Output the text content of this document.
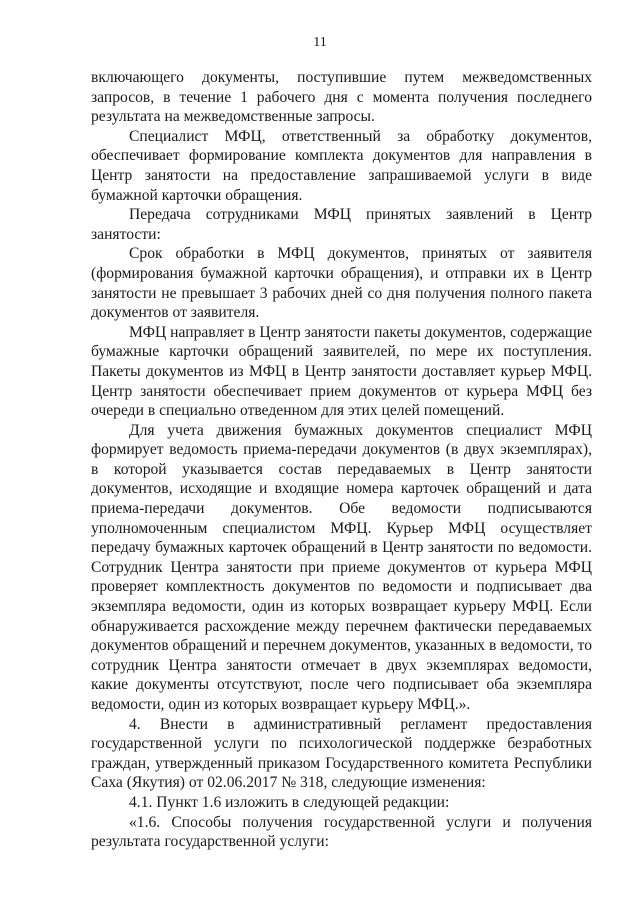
11

включающего документы, поступившие путем межведомственных запросов, в течение 1 рабочего дня с момента получения последнего результата на межведомственные запросы.

Специалист МФЦ, ответственный за обработку документов, обеспечивает формирование комплекта документов для направления в Центр занятости на предоставление запрашиваемой услуги в виде бумажной карточки обращения.

Передача сотрудниками МФЦ принятых заявлений в Центр занятости:

Срок обработки в МФЦ документов, принятых от заявителя (формирования бумажной карточки обращения), и отправки их в Центр занятости не превышает 3 рабочих дней со дня получения полного пакета документов от заявителя.

МФЦ направляет в Центр занятости пакеты документов, содержащие бумажные карточки обращений заявителей, по мере их поступления. Пакеты документов из МФЦ в Центр занятости доставляет курьер МФЦ. Центр занятости обеспечивает прием документов от курьера МФЦ без очереди в специально отведенном для этих целей помещений.

Для учета движения бумажных документов специалист МФЦ формирует ведомость приема-передачи документов (в двух экземплярах), в которой указывается состав передаваемых в Центр занятости документов, исходящие и входящие номера карточек обращений и дата приема-передачи документов. Обе ведомости подписываются уполномоченным специалистом МФЦ. Курьер МФЦ осуществляет передачу бумажных карточек обращений в Центр занятости по ведомости. Сотрудник Центра занятости при приеме документов от курьера МФЦ проверяет комплектность документов по ведомости и подписывает два экземпляра ведомости, один из которых возвращает курьеру МФЦ. Если обнаруживается расхождение между перечнем фактически передаваемых документов обращений и перечнем документов, указанных в ведомости, то сотрудник Центра занятости отмечает в двух экземплярах ведомости, какие документы отсутствуют, после чего подписывает оба экземпляра ведомости, один из которых возвращает курьеру МФЦ.».

4. Внести в административный регламент предоставления государственной услуги по психологической поддержке безработных граждан, утвержденный приказом Государственного комитета Республики Саха (Якутия) от 02.06.2017 № 318, следующие изменения:

4.1. Пункт 1.6 изложить в следующей редакции:

«1.6. Способы получения государственной услуги и получения результата государственной услуги:
